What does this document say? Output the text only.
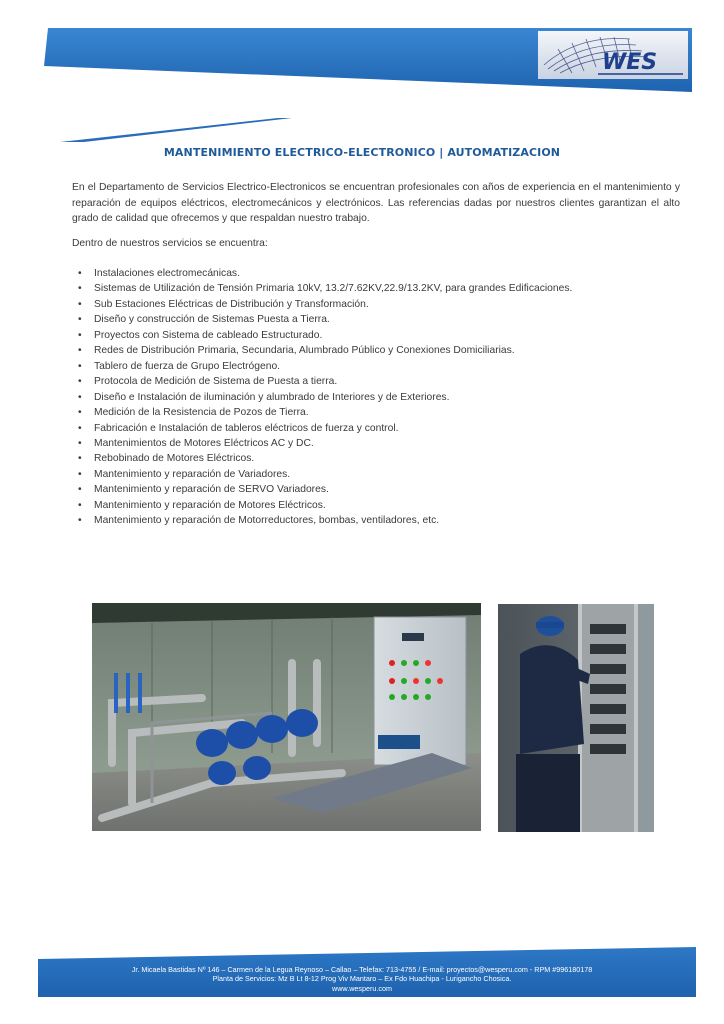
WES
MANTENIMIENTO ELECTRICO-ELECTRONICO | AUTOMATIZACION
En el Departamento de Servicios Electrico-Electronicos se encuentran profesionales con años de experiencia en el mantenimiento y reparación de equipos eléctricos, electromecánicos y electrónicos. Las referencias dadas por nuestros clientes garantizan el alto grado de calidad que ofrecemos y que respaldan nuestro trabajo.
Dentro de nuestros servicios se encuentra:
• Instalaciones electromecánicas.
• Sistemas de Utilización de Tensión Primaria 10kV, 13.2/7.62KV,22.9/13.2KV, para grandes Edificaciones.
• Sub Estaciones Eléctricas de Distribución y Transformación.
• Diseño y construcción de Sistemas Puesta a Tierra.
• Proyectos con Sistema de cableado Estructurado.
• Redes de Distribución Primaria, Secundaria, Alumbrado Público y Conexiones Domiciliarias.
• Tablero de fuerza de Grupo Electrógeno.
• Protocola de Medición de Sistema de Puesta a tierra.
• Diseño e Instalación de iluminación y alumbrado de Interiores y de Exteriores.
• Medición de la Resistencia de Pozos de Tierra.
• Fabricación e Instalación de tableros eléctricos de fuerza y control.
• Mantenimientos de Motores Eléctricos AC y DC.
• Rebobinado de Motores Eléctricos.
• Mantenimiento y reparación de Variadores.
• Mantenimiento y reparación de SERVO Variadores.
• Mantenimiento y reparación de Motores Eléctricos.
• Mantenimiento y reparación de Motorreductores, bombas, ventiladores, etc.
Jr. Micaela Bastidas Nº 146 – Carmen de la Legua Reynoso – Callao – Telefax: 713-4755 / E-mail: proyectos@wesperu.com - RPM #996180178
Planta de Servicios: Mz B Lt 8-12 Prog Viv Mantaro – Ex Fdo Huachipa - Lurigancho Chosica.
www.wesperu.com
